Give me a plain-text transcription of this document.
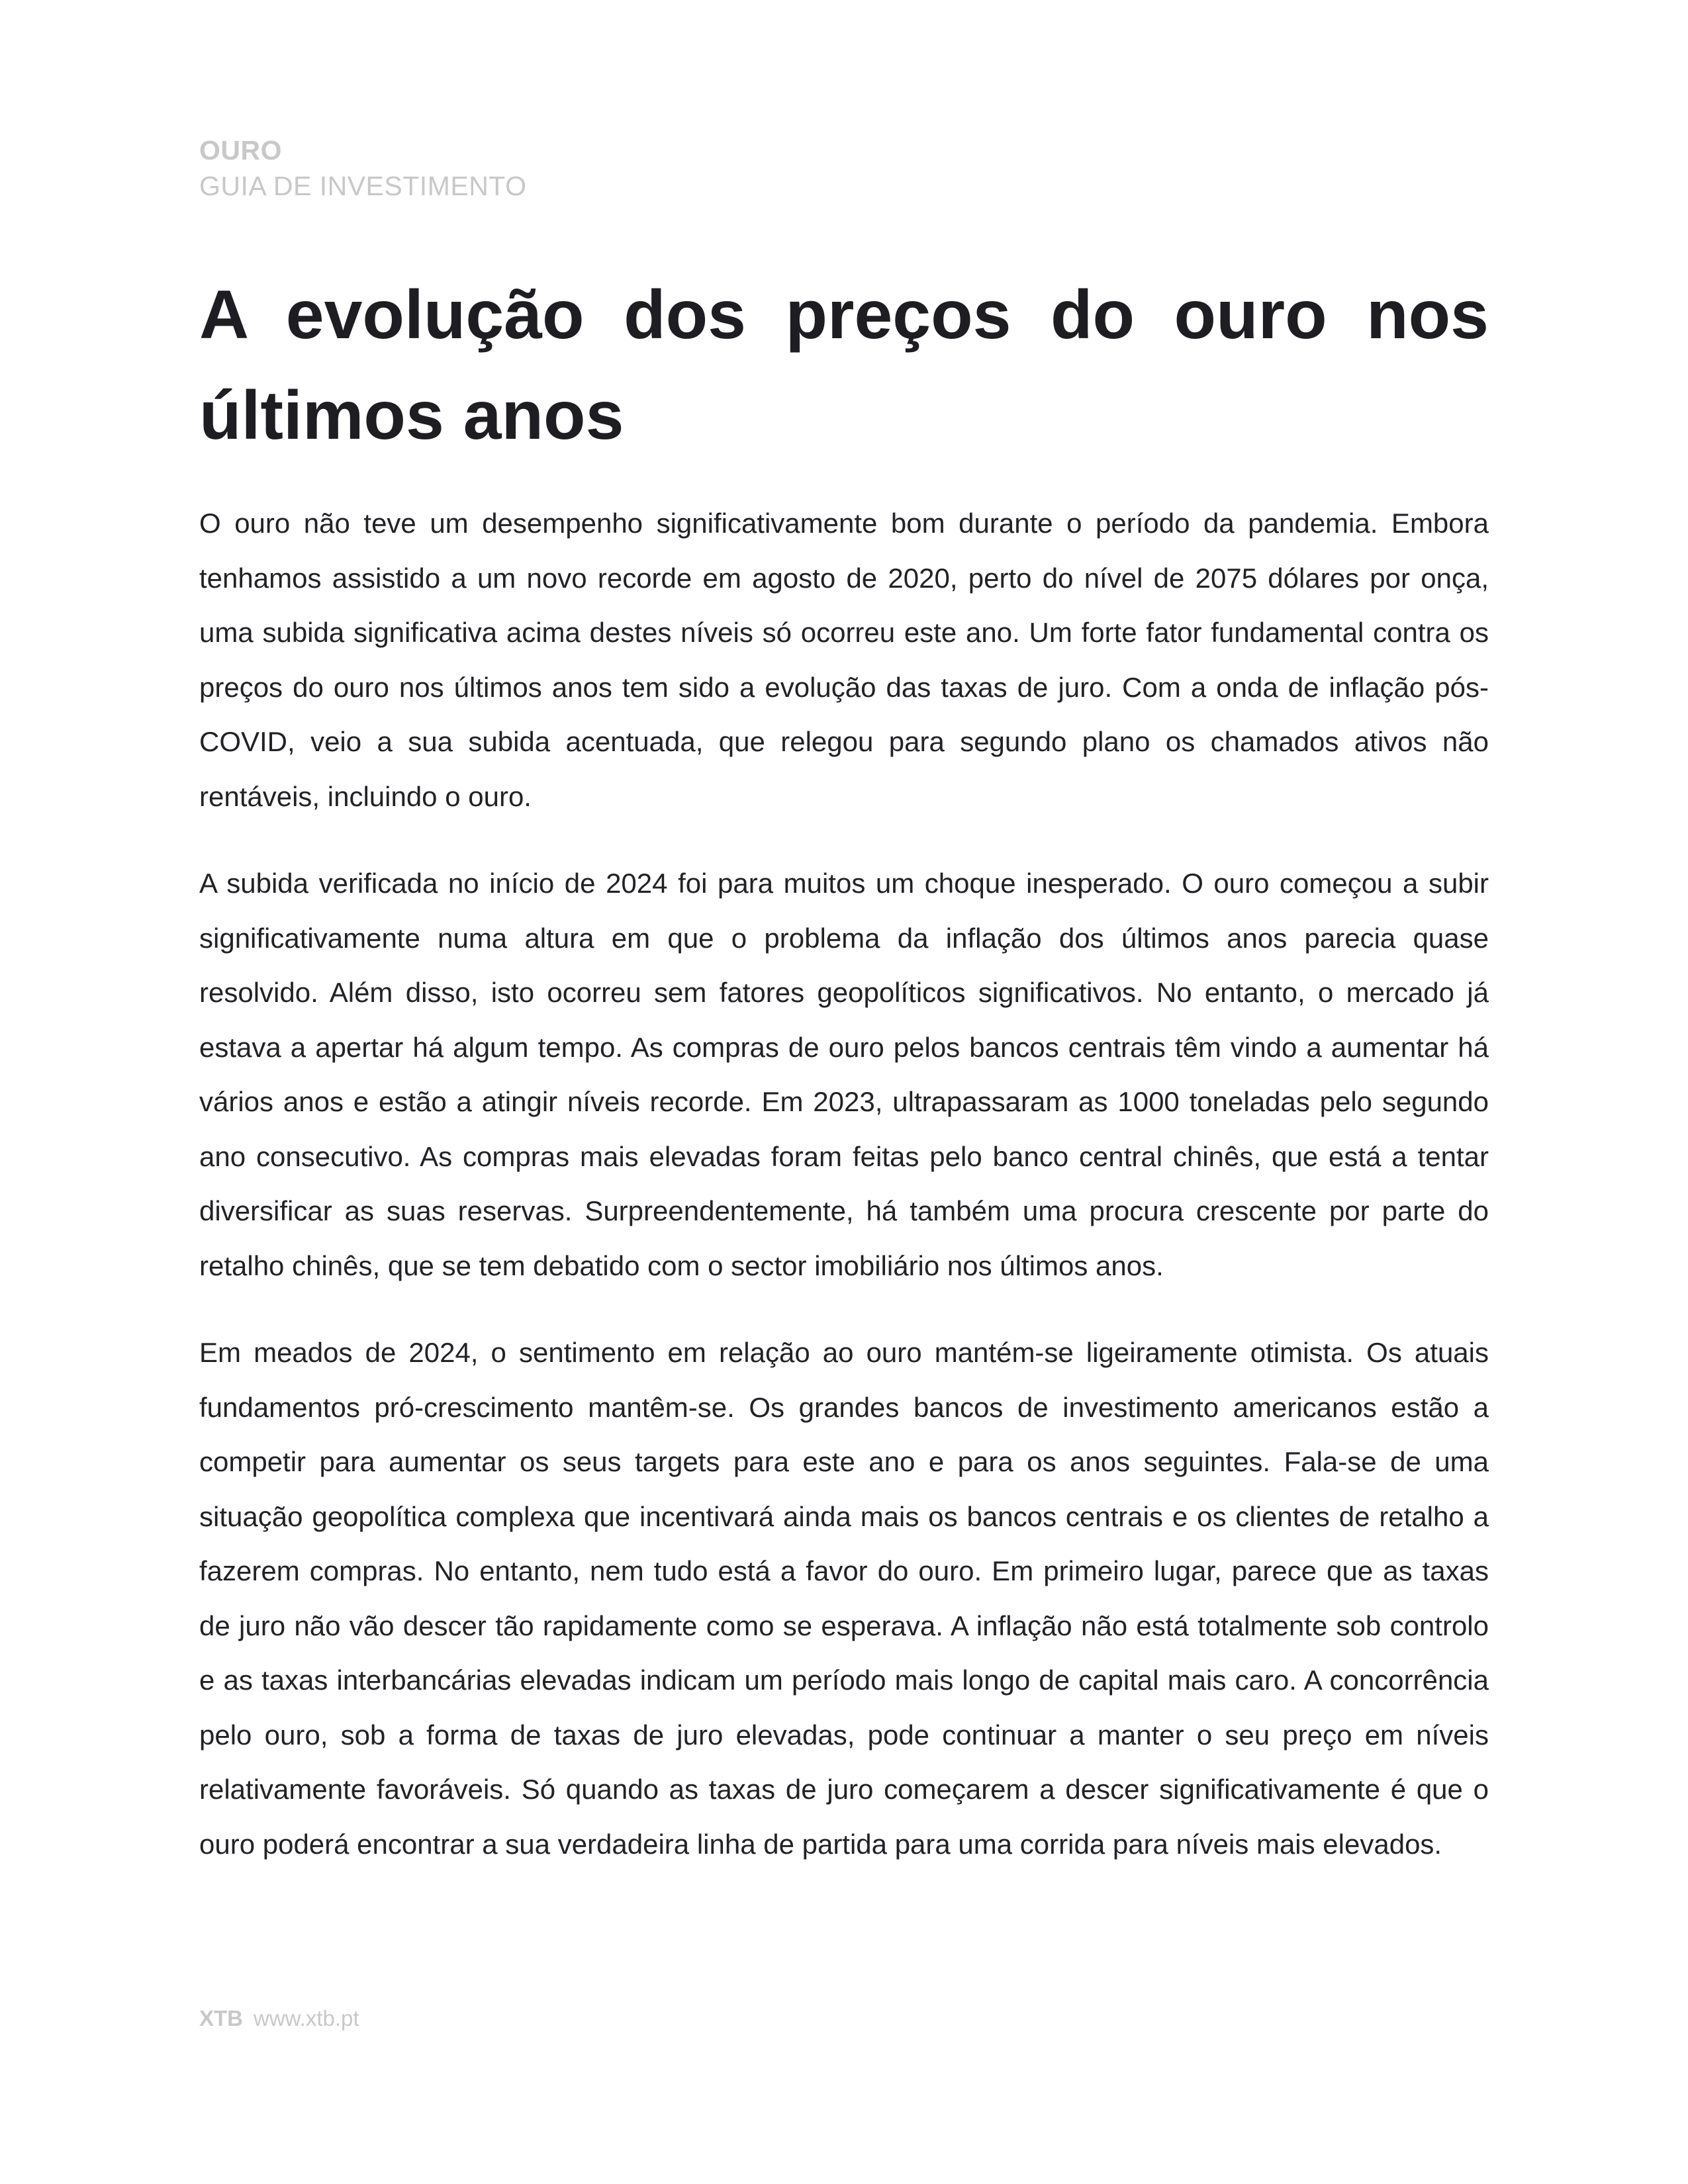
OURO
GUIA DE INVESTIMENTO
A evolução dos preços do ouro nos últimos anos

O ouro não teve um desempenho significativamente bom durante o período da pandemia. Embora tenhamos assistido a um novo recorde em agosto de 2020, perto do nível de 2075 dólares por onça, uma subida significativa acima destes níveis só ocorreu este ano. Um forte fator fundamental contra os preços do ouro nos últimos anos tem sido a evolução das taxas de juro. Com a onda de inflação pós-COVID, veio a sua subida acentuada, que relegou para segundo plano os chamados ativos não rentáveis, incluindo o ouro.

A subida verificada no início de 2024 foi para muitos um choque inesperado. O ouro começou a subir significativamente numa altura em que o problema da inflação dos últimos anos parecia quase resolvido. Além disso, isto ocorreu sem fatores geopolíticos significativos. No entanto, o mercado já estava a apertar há algum tempo. As compras de ouro pelos bancos centrais têm vindo a aumentar há vários anos e estão a atingir níveis recorde. Em 2023, ultrapassaram as 1000 toneladas pelo segundo ano consecutivo. As compras mais elevadas foram feitas pelo banco central chinês, que está a tentar diversificar as suas reservas. Surpreendentemente, há também uma procura crescente por parte do retalho chinês, que se tem debatido com o sector imobiliário nos últimos anos.

Em meados de 2024, o sentimento em relação ao ouro mantém-se ligeiramente otimista. Os atuais fundamentos pró-crescimento mantêm-se. Os grandes bancos de investimento americanos estão a competir para aumentar os seus targets para este ano e para os anos seguintes. Fala-se de uma situação geopolítica complexa que incentivará ainda mais os bancos centrais e os clientes de retalho a fazerem compras. No entanto, nem tudo está a favor do ouro. Em primeiro lugar, parece que as taxas de juro não vão descer tão rapidamente como se esperava. A inflação não está totalmente sob controlo e as taxas interbancárias elevadas indicam um período mais longo de capital mais caro. A concorrência pelo ouro, sob a forma de taxas de juro elevadas, pode continuar a manter o seu preço em níveis relativamente favoráveis. Só quando as taxas de juro começarem a descer significativamente é que o ouro poderá encontrar a sua verdadeira linha de partida para uma corrida para níveis mais elevados.

XTB www.xtb.pt
